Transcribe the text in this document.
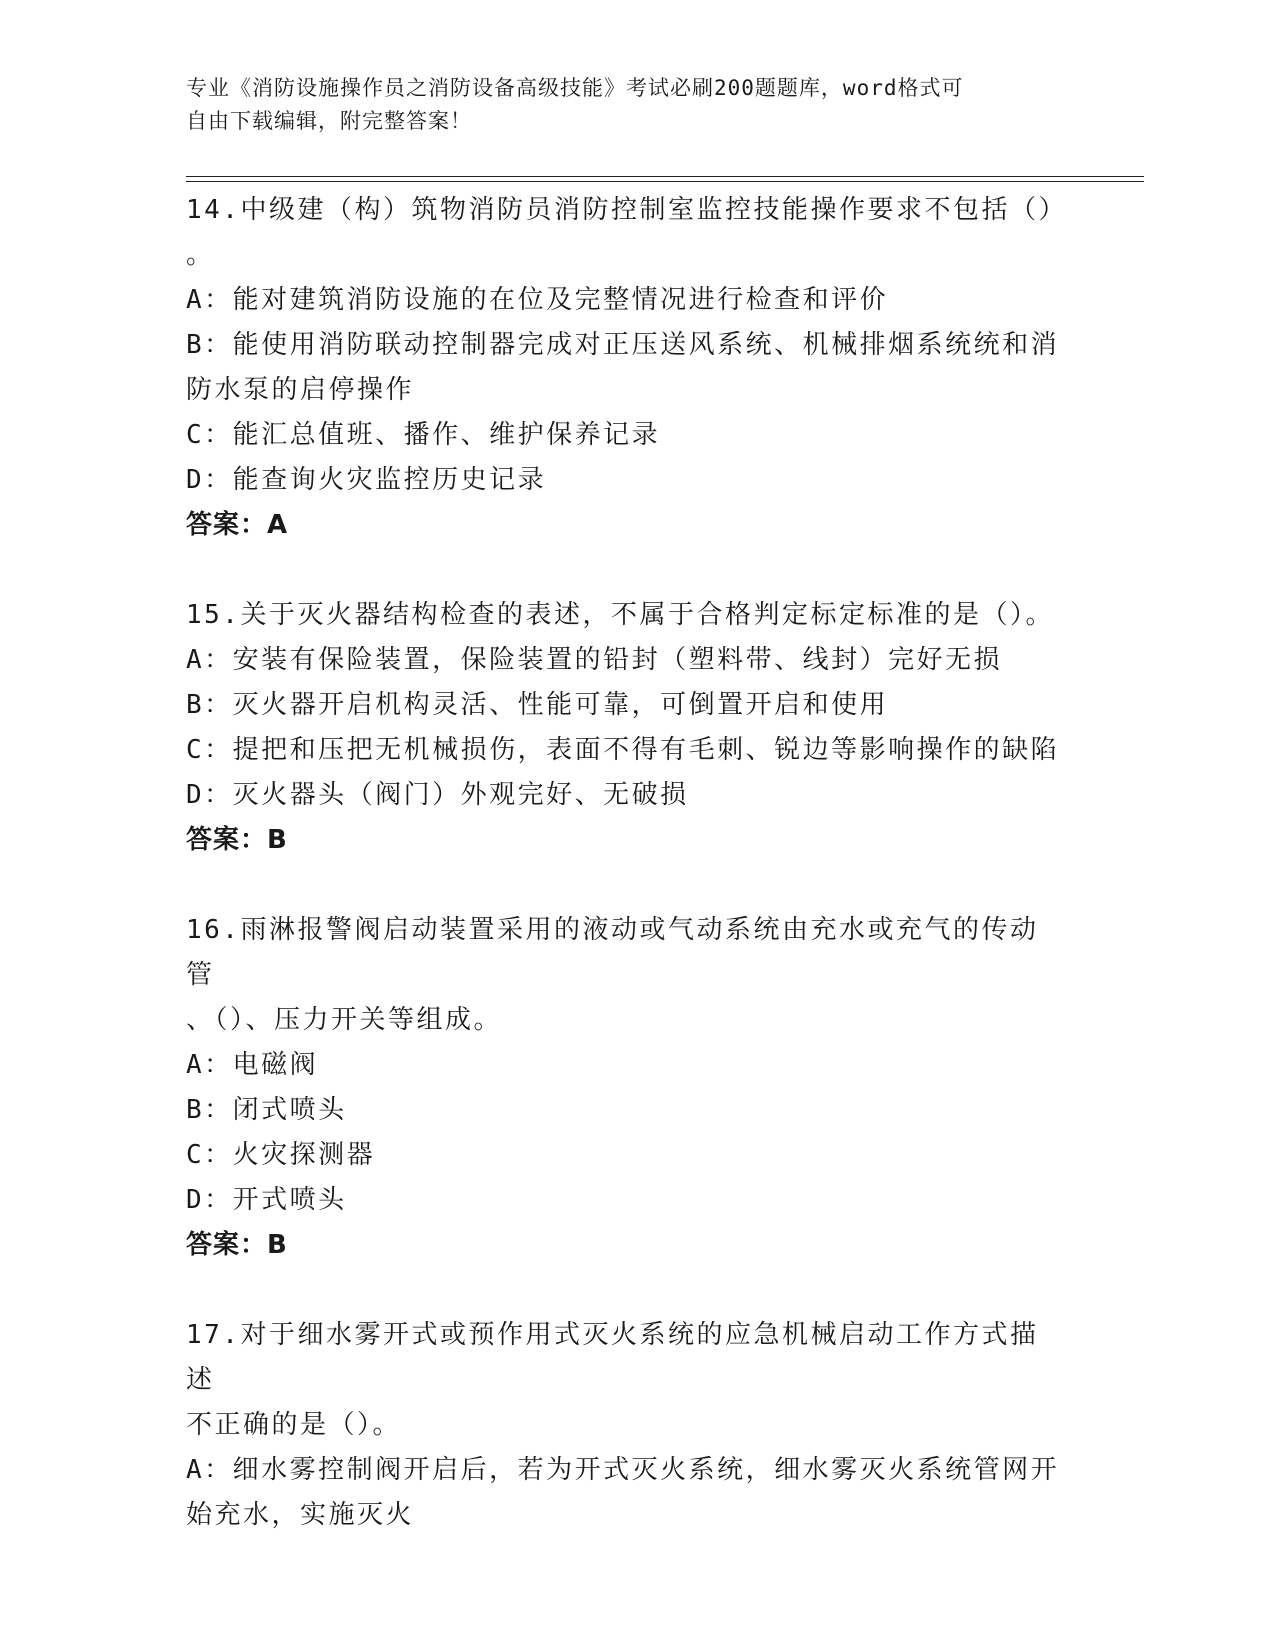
专业《消防设施操作员之消防设备高级技能》考试必刷200题题库，word格式可
自由下载编辑，附完整答案！
14.中级建（构）筑物消防员消防控制室监控技能操作要求不包括（）
。
A：能对建筑消防设施的在位及完整情况进行检查和评价
B：能使用消防联动控制器完成对正压送风系统、机械排烟系统统和消
防水泵的启停操作
C：能汇总值班、播作、维护保养记录
D：能查询火灾监控历史记录
答案：A
15.关于灭火器结构检查的表述，不属于合格判定标定标准的是（）。
A：安装有保险装置，保险装置的铅封（塑料带、线封）完好无损
B：灭火器开启机构灵活、性能可靠，可倒置开启和使用
C：提把和压把无机械损伤，表面不得有毛刺、锐边等影响操作的缺陷
D：灭火器头（阀门）外观完好、无破损
答案：B
16.雨淋报警阀启动装置采用的液动或气动系统由充水或充气的传动管
、（）、压力开关等组成。
A：电磁阀
B：闭式喷头
C：火灾探测器
D：开式喷头
答案：B
17.对于细水雾开式或预作用式灭火系统的应急机械启动工作方式描述
不正确的是（）。
A：细水雾控制阀开启后，若为开式灭火系统，细水雾灭火系统管网开
始充水，实施灭火
